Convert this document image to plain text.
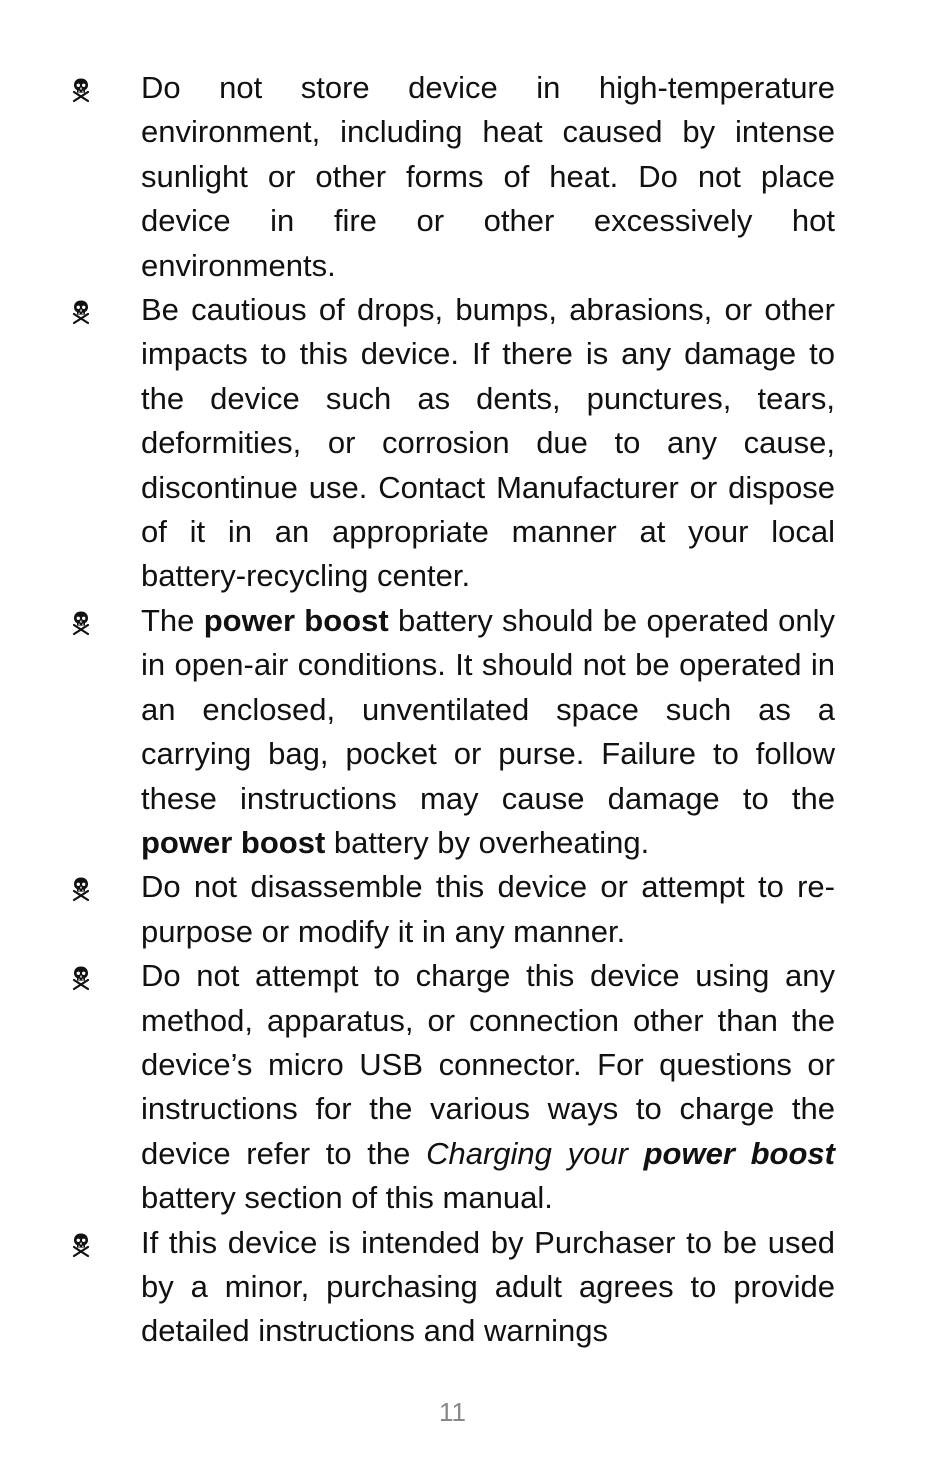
Do not store device in high-temperature environment, including heat caused by intense sunlight or other forms of heat. Do not place device in fire or other excessively hot environments.
Be cautious of drops, bumps, abrasions, or other impacts to this device. If there is any damage to the device such as dents, punctures, tears, deformities, or corrosion due to any cause, discontinue use. Contact Manufacturer or dispose of it in an appropriate manner at your local battery-recycling center.
The power boost battery should be operated only in open-air conditions. It should not be operated in an enclosed, unventilated space such as a carrying bag, pocket or purse. Failure to follow these instructions may cause damage to the power boost battery by overheating.
Do not disassemble this device or attempt to re-purpose or modify it in any manner.
Do not attempt to charge this device using any method, apparatus, or connection other than the device’s micro USB connector. For questions or instructions for the various ways to charge the device refer to the Charging your power boost battery section of this manual.
If this device is intended by Purchaser to be used by a minor, purchasing adult agrees to provide detailed instructions and warnings
11
